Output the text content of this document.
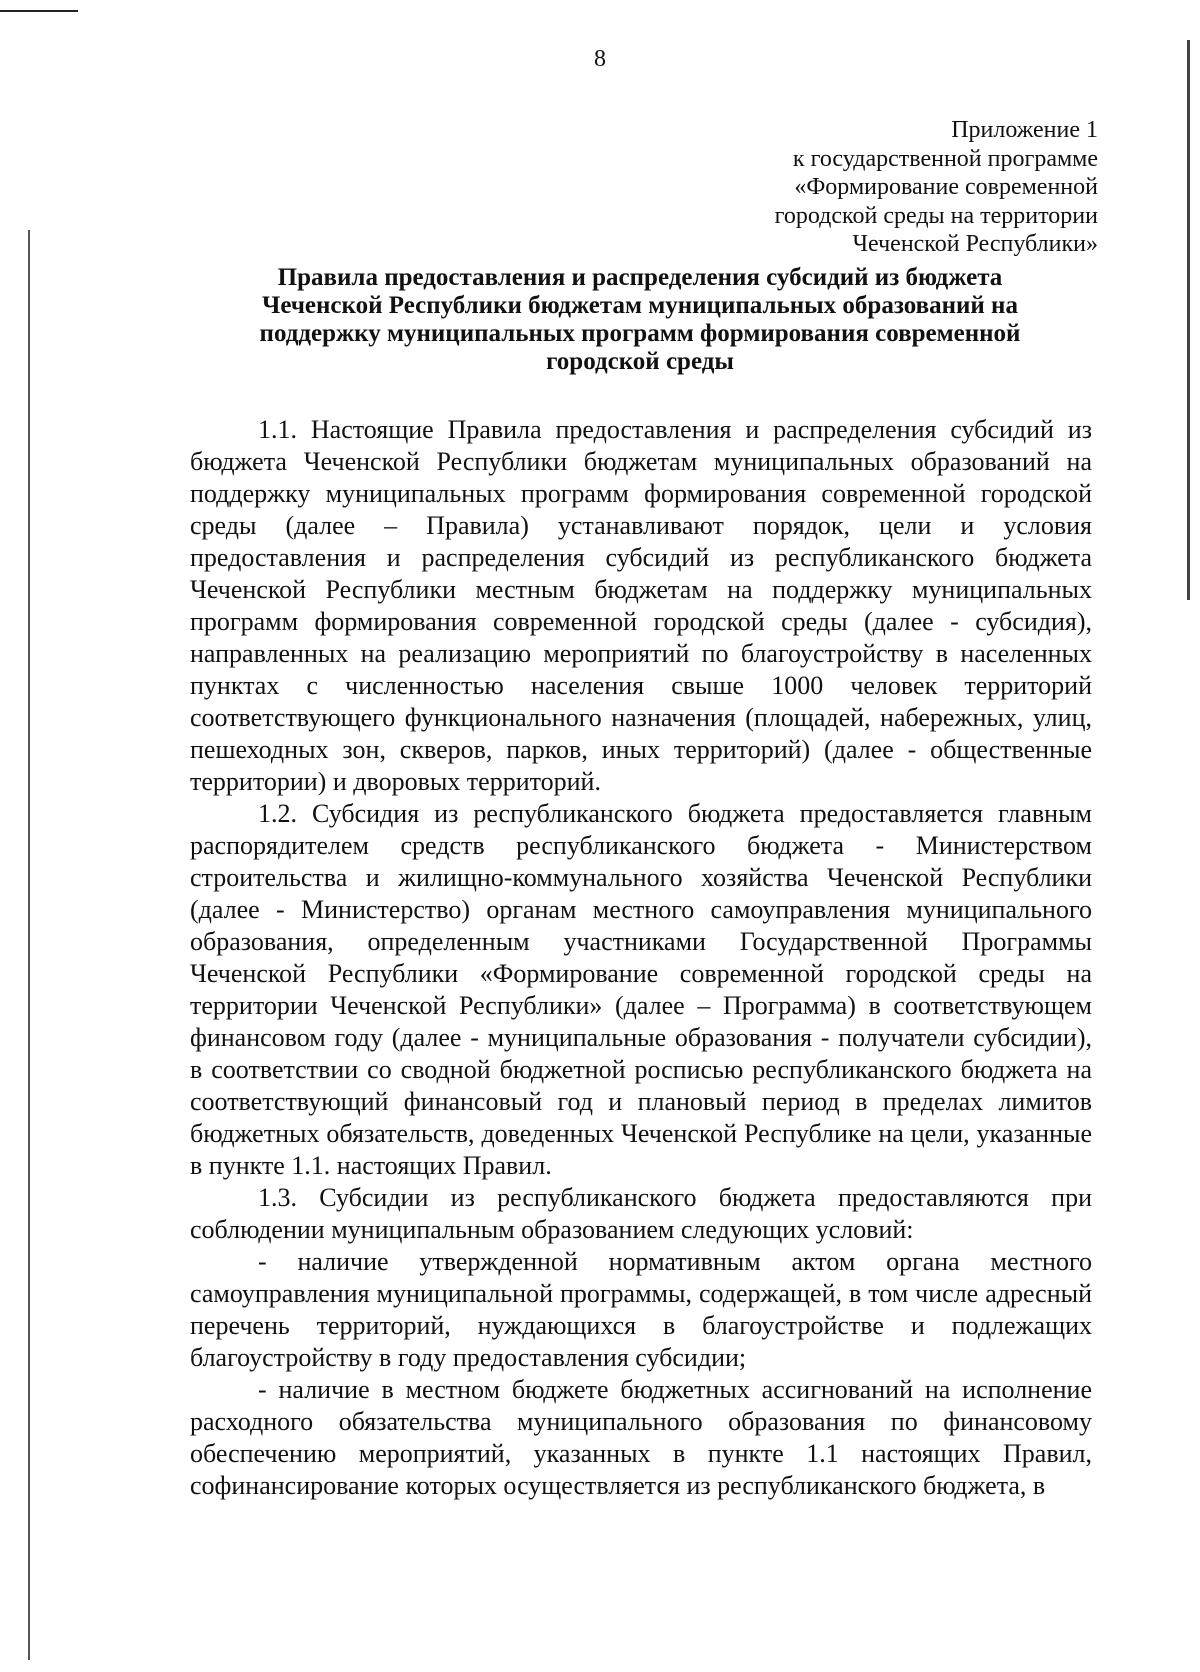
8
Приложение 1
к государственной программе
«Формирование современной
городской среды на территории
Чеченской Республики»
Правила предоставления и распределения субсидий из бюджета
Чеченской Республики бюджетам муниципальных образований на
поддержку муниципальных программ формирования современной
городской среды

1.1. Настоящие Правила предоставления и распределения субсидий из бюджета Чеченской Республики бюджетам муниципальных образований на поддержку муниципальных программ формирования современной городской среды (далее – Правила) устанавливают порядок, цели и условия предоставления и распределения субсидий из республиканского бюджета Чеченской Республики местным бюджетам на поддержку муниципальных программ формирования современной городской среды (далее - субсидия), направленных на реализацию мероприятий по благоустройству в населенных пунктах с численностью населения свыше 1000 человек территорий соответствующего функционального назначения (площадей, набережных, улиц, пешеходных зон, скверов, парков, иных территорий) (далее - общественные территории) и дворовых территорий.

1.2. Субсидия из республиканского бюджета предоставляется главным распорядителем средств республиканского бюджета - Министерством строительства и жилищно-коммунального хозяйства Чеченской Республики (далее - Министерство) органам местного самоуправления муниципального образования, определенным участниками Государственной Программы Чеченской Республики «Формирование современной городской среды на территории Чеченской Республики» (далее – Программа) в соответствующем финансовом году (далее - муниципальные образования - получатели субсидии), в соответствии со сводной бюджетной росписью республиканского бюджета на соответствующий финансовый год и плановый период в пределах лимитов бюджетных обязательств, доведенных Чеченской Республике на цели, указанные в пункте 1.1. настоящих Правил.

1.3. Субсидии из республиканского бюджета предоставляются при соблюдении муниципальным образованием следующих условий:

- наличие утвержденной нормативным актом органа местного самоуправления муниципальной программы, содержащей, в том числе адресный перечень территорий, нуждающихся в благоустройстве и подлежащих благоустройству в году предоставления субсидии;

- наличие в местном бюджете бюджетных ассигнований на исполнение расходного обязательства муниципального образования по финансовому обеспечению мероприятий, указанных в пункте 1.1 настоящих Правил, софинансирование которых осуществляется из республиканского бюджета, в
